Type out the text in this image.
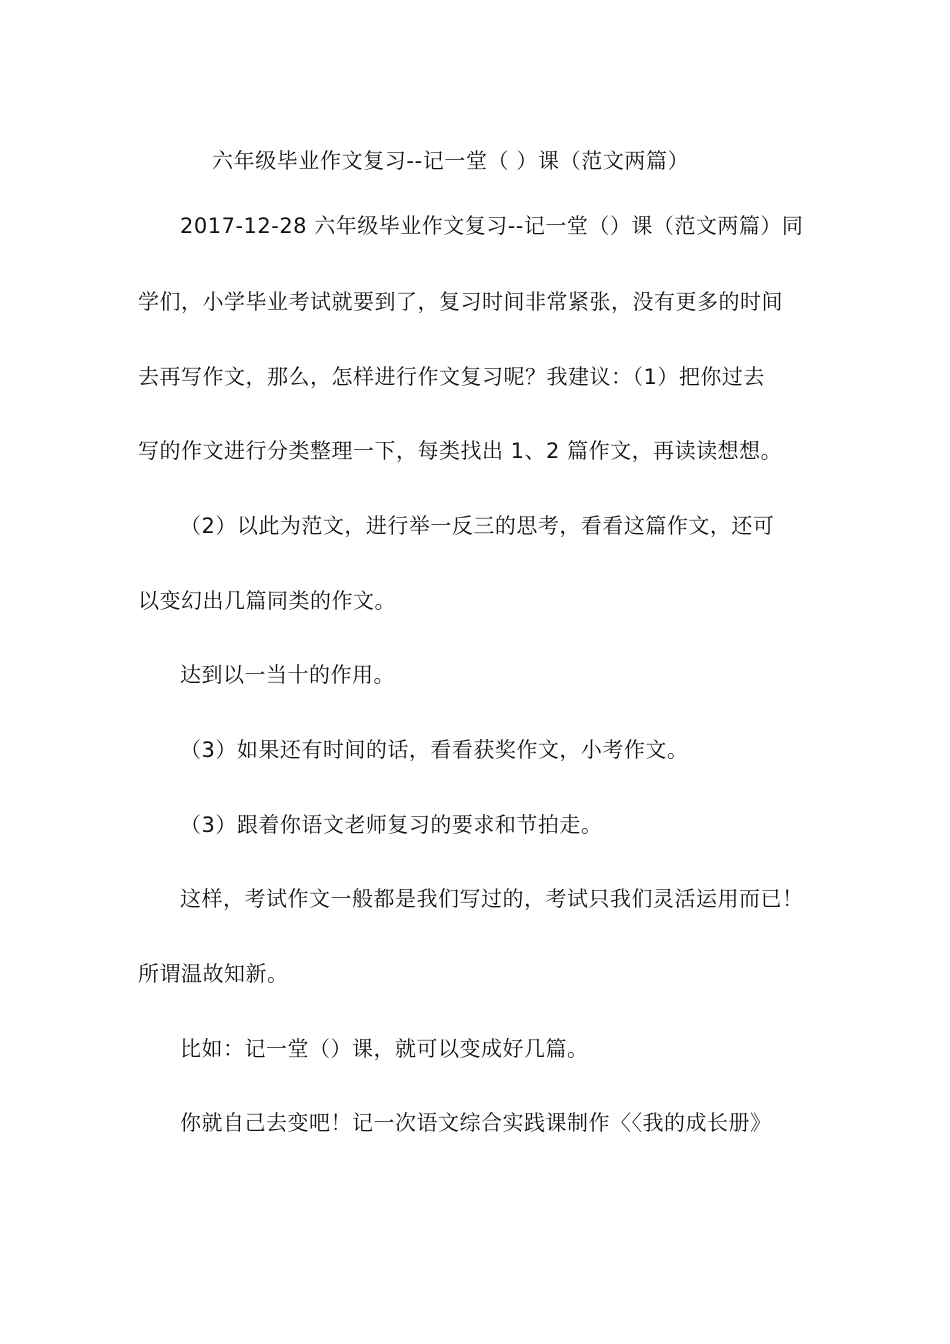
六年级毕业作文复习--记一堂（ ）课（范文两篇）
2017-12-28 六年级毕业作文复习--记一堂（）课（范文两篇）同
学们，小学毕业考试就要到了，复习时间非常紧张，没有更多的时间
去再写作文，那么，怎样进行作文复习呢？我建议：（1）把你过去
写的作文进行分类整理一下，每类找出 1、2 篇作文，再读读想想。
（2）以此为范文，进行举一反三的思考，看看这篇作文，还可
以变幻出几篇同类的作文。
达到以一当十的作用。
（3）如果还有时间的话，看看获奖作文，小考作文。
（3）跟着你语文老师复习的要求和节拍走。
这样，考试作文一般都是我们写过的，考试只我们灵活运用而已！
所谓温故知新。
比如：记一堂（）课，就可以变成好几篇。
你就自己去变吧！记一次语文综合实践课制作〈〈我的成长册》
